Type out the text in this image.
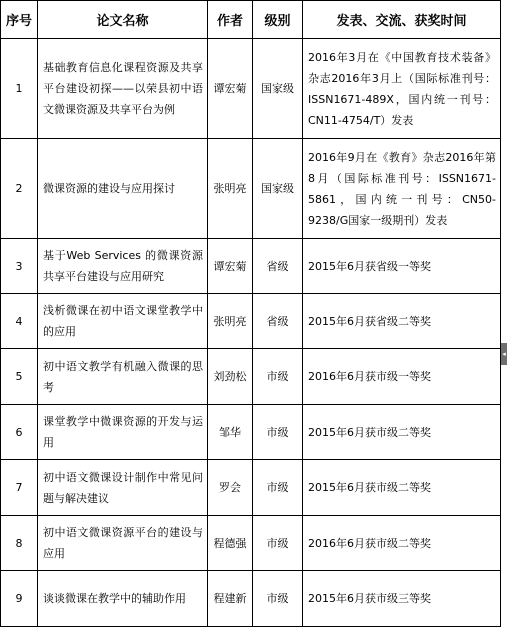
序号	论文名称	作者	级别	发表、交流、获奖时间
1	基础教育信息化课程资源及共享平台建设初探——以荣县初中语文微课资源及共享平台为例	谭宏菊	国家级	2016年3月在《中国教育技术装备》杂志2016年3月上（国际标准刊号：ISSN1671-489X，国内统一刊号：CN11-4754/T）发表
2	微课资源的建设与应用探讨	张明亮	国家级	2016年9月在《教育》杂志2016年第8月（国际标准刊号：ISSN1671-5861，国内统一刊号：CN50-9238/G国家一级期刊）发表
3	基于Web Services 的微课资源共享平台建设与应用研究	谭宏菊	省级	2015年6月获省级一等奖
4	浅析微课在初中语文课堂教学中的应用	张明亮	省级	2015年6月获省级二等奖
5	初中语文教学有机融入微课的思考	刘劲松	市级	2016年6月获市级一等奖
6	课堂教学中微课资源的开发与运用	邹华	市级	2015年6月获市级二等奖
7	初中语文微课设计制作中常见问题与解决建议	罗会	市级	2015年6月获市级二等奖
8	初中语文微课资源平台的建设与应用	程德强	市级	2016年6月获市级二等奖
9	谈谈微课在教学中的辅助作用	程建新	市级	2015年6月获市级三等奖
◂
